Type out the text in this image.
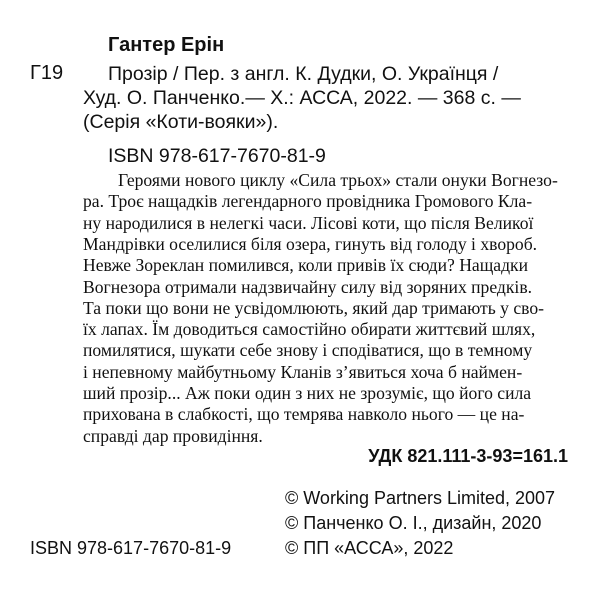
Гантер Ерін
Г19 Прозір / Пер. з англ. К. Дудки, О. Українця /
Худ. О. Панченко.— Х.: АССА, 2022. — 368 с. —
(Серія «Коти-вояки»).
ISBN 978-617-7670-81-9
Героями нового циклу «Сила трьох» стали онуки Вогнезо-
ра. Троє нащадків легендарного провідника Громового Кла-
ну народилися в нелегкі часи. Лісові коти, що після Великої
Мандрівки оселилися біля озера, гинуть від голоду і хвороб.
Невже Зореклан помилився, коли привів їх сюди? Нащадки
Вогнезора отримали надзвичайну силу від зоряних предків.
Та поки що вони не усвідомлюють, який дар тримають у сво-
їх лапах. Їм доводиться самостійно обирати життєвий шлях,
помилятися, шукати себе знову і сподіватися, що в темному
і непевному майбутньому Кланів з’явиться хоча б наймен-
ший прозір... Аж поки один з них не зрозуміє, що його сила
прихована в слабкості, що темрява навколо нього — це на-
справді дар провидіння.
УДК 821.111-3-93=161.1
ISBN 978-617-7670-81-9
© Working Partners Limited, 2007
© Панченко О. І., дизайн, 2020
© ПП «АССА», 2022
